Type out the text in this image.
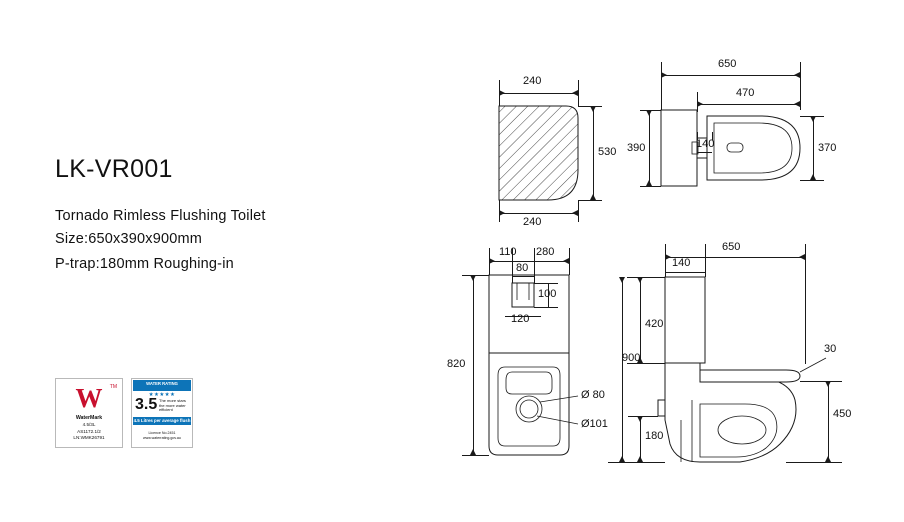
LK-VR001
Tornado Rimless Flushing Toilet
Size:650x390x900mm
P-trap:180mm Roughing-in
W	TM
WaterMark
4.5/3L
AS1172.1/2
LN:WMK26791
WATER RATING
★★★★★
3.5 The more stars the more water efficient
4.5 Litres per average flush
Licence No.2451 www.waterrating.gov.au
240
240
530
650
470
390	140	370
110 280
80
100
120
820
Ø 80
Ø101
650
140
420
900
180
30
450
